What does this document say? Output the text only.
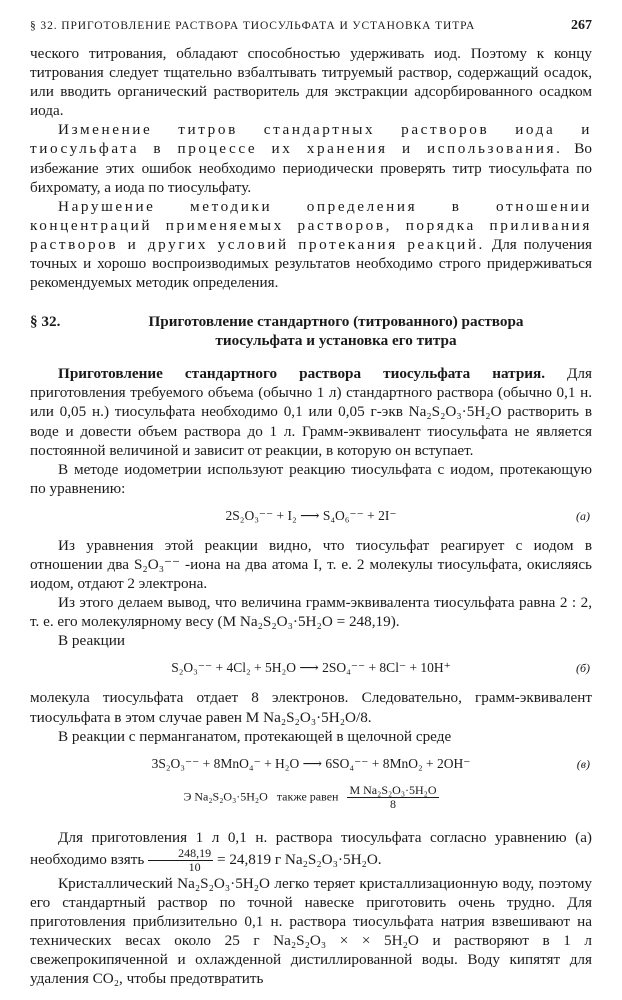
§ 32. ПРИГОТОВЛЕНИЕ РАСТВОРА ТИОСУЛЬФАТА И УСТАНОВКА ТИТРА	267

ческого титрования, обладают способностью удерживать иод. Поэтому к концу титрования следует тщательно взбалтывать титруемый раствор, содержащий осадок, или вводить органический растворитель для экстракции адсорбированного осадком иода.

Изменение титров стандартных растворов иода и тиосульфата в процессе их хранения и использования. Во избежание этих ошибок необходимо периодически проверять титр тиосульфата по бихромату, а иода по тиосульфату.

Нарушение методики определения в отношении концентраций применяемых растворов, порядка приливания растворов и других условий протекания реакций. Для получения точных и хорошо воспроизводимых результатов необходимо строго придерживаться рекомендуемых методик определения.

§ 32.	Приготовление стандартного (титрованного) раствора тиосульфата и установка его титра

Приготовление стандартного раствора тиосульфата натрия. Для приготовления требуемого объема (обычно 1 л) стандартного раствора (обычно 0,1 н. или 0,05 н.) тиосульфата необходимо 0,1 или 0,05 г-экв Na₂S₂O₃·5H₂O растворить в воде и довести объем раствора до 1 л. Грамм-эквивалент тиосульфата не является постоянной величиной и зависит от реакции, в которую он вступает.

В методе иодометрии используют реакцию тиосульфата с иодом, протекающую по уравнению:

2S₂O₃⁻⁻ + I₂ ⟶ S₄O₆⁻⁻ + 2I⁻	(а)

Из уравнения этой реакции видно, что тиосульфат реагирует с иодом в отношении два S₂O₃⁻⁻ -иона на два атома I, т. е. 2 молекулы тиосульфата, окисляясь иодом, отдают 2 электрона.

Из этого делаем вывод, что величина грамм-эквивалента тиосульфата равна 2 : 2, т. е. его молекулярному весу (M Na₂S₂O₃·5H₂O = 248,19).

В реакции

S₂O₃⁻⁻ + 4Cl₂ + 5H₂O ⟶ 2SO₄⁻⁻ + 8Cl⁻ + 10H⁺	(б)

молекула тиосульфата отдает 8 электронов. Следовательно, грамм-эквивалент тиосульфата в этом случае равен M Na₂S₂O₃·5H₂O/8.

В реакции с перманганатом, протекающей в щелочной среде

3S₂O₃⁻⁻ + 8MnO₄⁻ + H₂O ⟶ 6SO₄⁻⁻ + 8MnO₂ + 2OH⁻	(в)
Э Na₂S₂O₃·5H₂O также равен $\frac{\text{M Na₂S₂O₃·5H₂O}}{8}$

Для приготовления 1 л 0,1 н. раствора тиосульфата согласно уравнению (а) необходимо взять $\frac{248,19}{10} = 24,819$ г Na₂S₂O₃·5H₂O.

Кристаллический Na₂S₂O₃·5H₂O легко теряет кристаллизационную воду, поэтому его стандартный раствор по точной навеске приготовить очень трудно. Для приготовления приблизительно 0,1 н. раствора тиосульфата натрия взвешивают на технических весах около 25 г Na₂S₂O₃ × × 5H₂O и растворяют в 1 л свежепрокипяченной и охлажденной дистиллированной воды. Воду кипятят для удаления CO₂, чтобы предотвратить
